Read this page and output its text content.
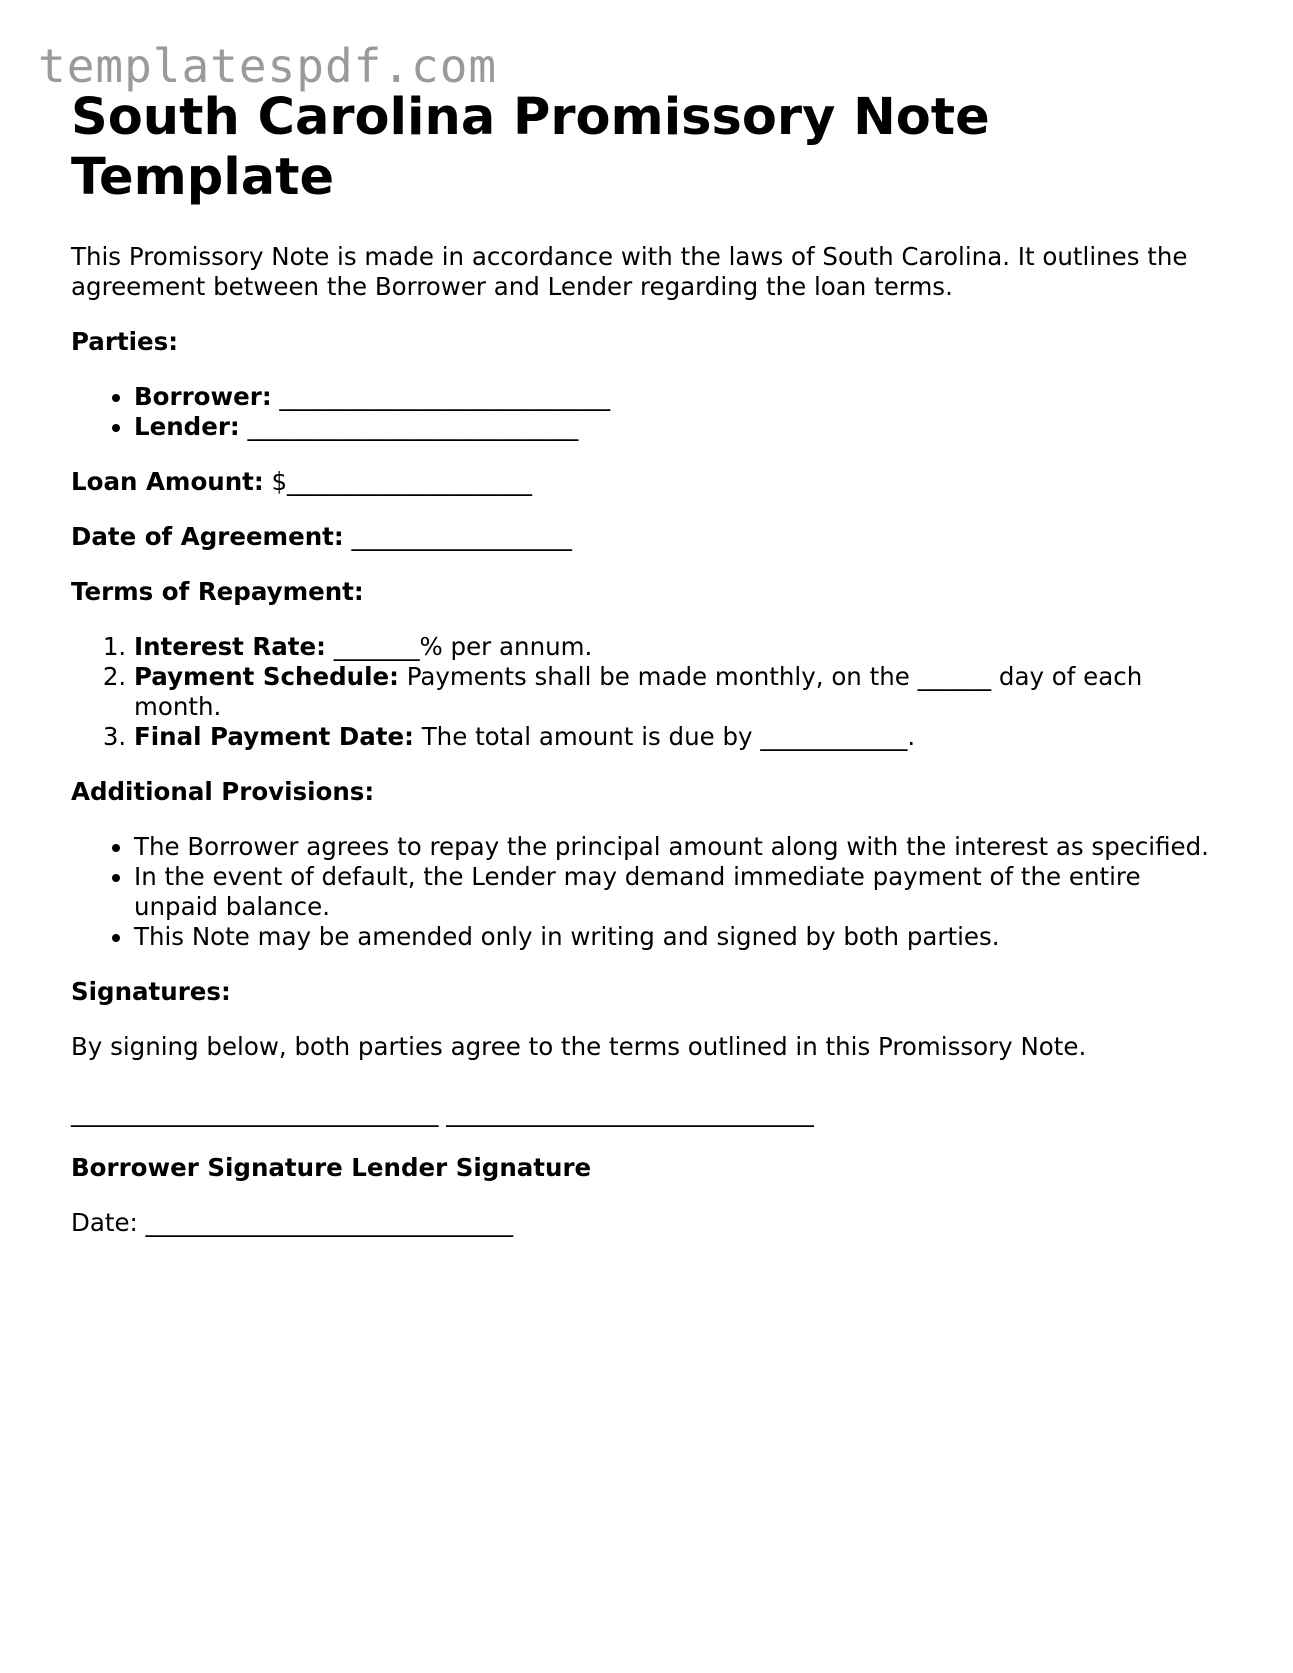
templatespdf.com
South Carolina Promissory Note Template

This Promissory Note is made in accordance with the laws of South Carolina. It outlines the agreement between the Borrower and Lender regarding the loan terms.

Parties:
• Borrower: ___________________________
• Lender: ___________________________

Loan Amount: $____________________

Date of Agreement: __________________

Terms of Repayment:
1. Interest Rate: _______% per annum.
2. Payment Schedule: Payments shall be made monthly, on the ______ day of each month.
3. Final Payment Date: The total amount is due by ____________.
Additional Provisions:
• The Borrower agrees to repay the principal amount along with the interest as specified.
• In the event of default, the Lender may demand immediate payment of the entire unpaid balance.
• This Note may be amended only in writing and signed by both parties.
Signatures:

By signing below, both parties agree to the terms outlined in this Promissory Note.

______________________________ ______________________________

Borrower Signature Lender Signature

Date: ______________________________
